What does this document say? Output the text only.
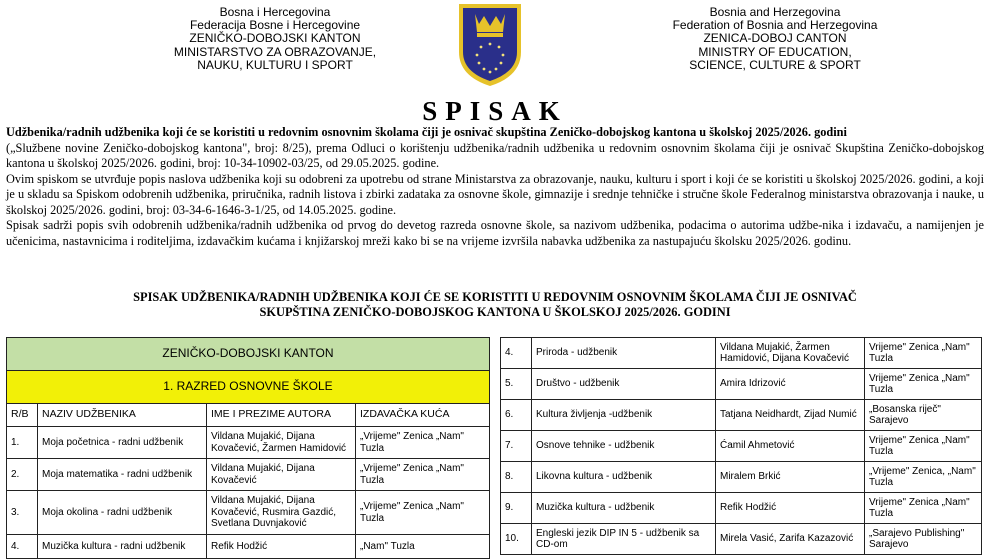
Bosna i Hercegovina
Federacija Bosne i Hercegovine
ZENIČKO-DOBOJSKI KANTON
MINISTARSTVO ZA OBRAZOVANJE,
NAUKU, KULTURU I SPORT
Bosnia and Herzegovina
Federation of Bosnia and Herzegovina
ZENICA-DOBOJ CANTON
MINISTRY OF EDUCATION,
SCIENCE, CULTURE & SPORT
SPISAK

Udžbenika/radnih udžbenika koji će se koristiti u redovnim osnovnim školama čiji je osnivač skupština Zeničko-dobojskog kantona u školskoj 2025/2026. godini

(„Službene novine Zeničko-dobojskog kantona", broj: 8/25), prema Odluci o korištenju udžbenika/radnih udžbenika u redovnim osnovnim školama čiji je osnivač Skupština Zeničko-dobojskog kantona u školskoj 2025/2026. godini, broj: 10-34-10902-03/25, od 29.05.2025. godine.

Ovim spiskom se utvrđuje popis naslova udžbenika koji su odobreni za upotrebu od strane Ministarstva za obrazovanje, nauku, kulturu i sport i koji će se koristiti u školskoj 2025/2026. godini, a koji je u skladu sa Spiskom odobrenih udžbenika, priručnika, radnih listova i zbirki zadataka za osnovne škole, gimnazije i srednje tehničke i stručne škole Federalnog ministarstva obrazovanja i nauke, u školskoj 2025/2026. godini, broj: 03-34-6-1646-3-1/25, od 14.05.2025. godine.

Spisak sadrži popis svih odobrenih udžbenika/radnih udžbenika od prvog do devetog razreda osnovne škole, sa nazivom udžbenika, podacima o autorima udžbe-nika i izdavaču, a namijenjen je učenicima, nastavnicima i roditeljima, izdavačkim kućama i knjižarskoj mreži kako bi se na vrijeme izvršila nabavka udžbenika za nastupajuću školsku 2025/2026. godinu.

SPISAK UDŽBENIKA/RADNIH UDŽBENIKA KOJI ĆE SE KORISTITI U REDOVNIM OSNOVNIM ŠKOLAMA ČIJI JE OSNIVAČ
SKUPŠTINA ZENIČKO-DOBOJSKOG KANTONA U ŠKOLSKOJ 2025/2026. GODINI
ZENIČKO-DOBOJSKI KANTON			
1. RAZRED OSNOVNE ŠKOLE			
R/B	NAZIV UDŽBENIKA	IME I PREZIME AUTORA	IZDAVAČKA KUĆA
1.	Moja početnica - radni udžbenik	Vildana Mujakić, Dijana Kovačević, Žarmen Hamidović	„Vrijeme" Zenica „Nam" Tuzla
2.	Moja matematika - radni udžbenik	Vildana Mujakić, Dijana Kovačević	„Vrijeme" Zenica „Nam" Tuzla
3.	Moja okolina - radni udžbenik	Vildana Mujakić, Dijana Kovačević, Rusmira Gazdić, Svetlana Duvnjaković	„Vrijeme" Zenica „Nam" Tuzla
4.	Muzička kultura - radni udžbenik	Refik Hodžić	„Nam" Tuzla
4.	Priroda - udžbenik	Vildana Mujakić, Žarmen Hamidović, Dijana Kovačević	Vrijeme" Zenica „Nam" Tuzla
5.	Društvo - udžbenik	Amira Idrizović	Vrijeme" Zenica „Nam" Tuzla
6.	Kultura življenja -udžbenik	Tatjana Neidhardt, Zijad Numić	„Bosanska riječ" Sarajevo
7.	Osnove tehnike - udžbenik	Ćamil Ahmetović	Vrijeme" Zenica „Nam" Tuzla
8.	Likovna kultura - udžbenik	Miralem Brkić	„Vrijeme" Zenica, „Nam" Tuzla
9.	Muzička kultura - udžbenik	Refik Hodžić	Vrijeme" Zenica „Nam" Tuzla
10.	Engleski jezik DIP IN 5 - udžbenik sa CD-om	Mirela Vasić, Zarifa Kazazović	„Sarajevo Publishing" Sarajevo
